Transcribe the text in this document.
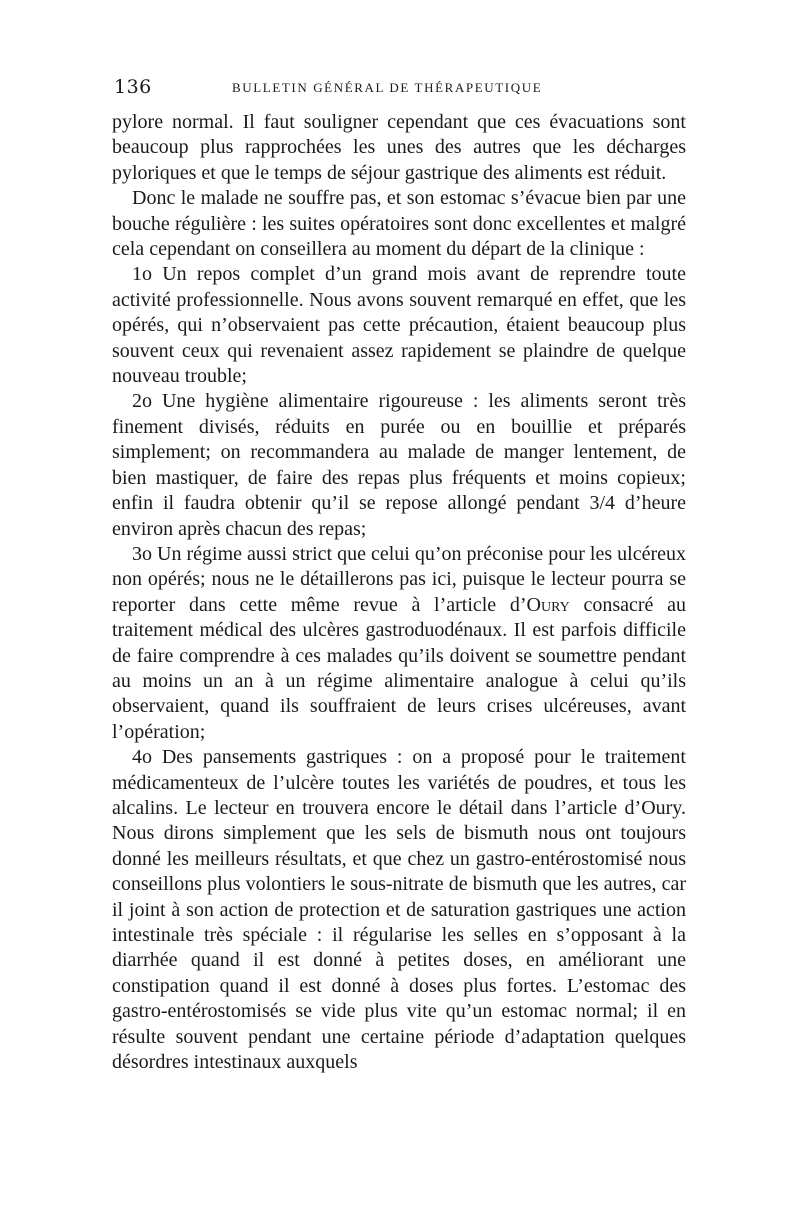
136	BULLETIN GÉNÉRAL DE THÉRAPEUTIQUE

pylore normal. Il faut souligner cependant que ces évacuations sont beaucoup plus rapprochées les unes des autres que les décharges pyloriques et que le temps de séjour gastrique des aliments est réduit.

Donc le malade ne souffre pas, et son estomac s’évacue bien par une bouche régulière : les suites opératoires sont donc excellentes et malgré cela cependant on conseillera au moment du départ de la clinique :

1o Un repos complet d’un grand mois avant de reprendre toute activité professionnelle. Nous avons souvent remarqué en effet, que les opérés, qui n’observaient pas cette précaution, étaient beaucoup plus souvent ceux qui revenaient assez rapidement se plaindre de quelque nouveau trouble;

2o Une hygiène alimentaire rigoureuse : les aliments seront très finement divisés, réduits en purée ou en bouillie et préparés simplement; on recommandera au malade de manger lentement, de bien mastiquer, de faire des repas plus fréquents et moins copieux; enfin il faudra obtenir qu’il se repose allongé pendant 3/4 d’heure environ après chacun des repas;

3o Un régime aussi strict que celui qu’on préconise pour les ulcéreux non opérés; nous ne le détaillerons pas ici, puisque le lecteur pourra se reporter dans cette même revue à l’article d’Oury consacré au traitement médical des ulcères gastroduodénaux. Il est parfois difficile de faire comprendre à ces malades qu’ils doivent se soumettre pendant au moins un an à un régime alimentaire analogue à celui qu’ils observaient, quand ils souffraient de leurs crises ulcéreuses, avant l’opération;

4o Des pansements gastriques : on a proposé pour le traitement médicamenteux de l’ulcère toutes les variétés de poudres, et tous les alcalins. Le lecteur en trouvera encore le détail dans l’article d’Oury. Nous dirons simplement que les sels de bismuth nous ont toujours donné les meilleurs résultats, et que chez un gastro-entérostomisé nous conseillons plus volontiers le sous-nitrate de bismuth que les autres, car il joint à son action de protection et de saturation gastriques une action intestinale très spéciale : il régularise les selles en s’opposant à la diarrhée quand il est donné à petites doses, en améliorant une constipation quand il est donné à doses plus fortes. L’estomac des gastro-entérostomisés se vide plus vite qu’un estomac normal; il en résulte souvent pendant une certaine période d’adaptation quelques désordres intestinaux auxquels
